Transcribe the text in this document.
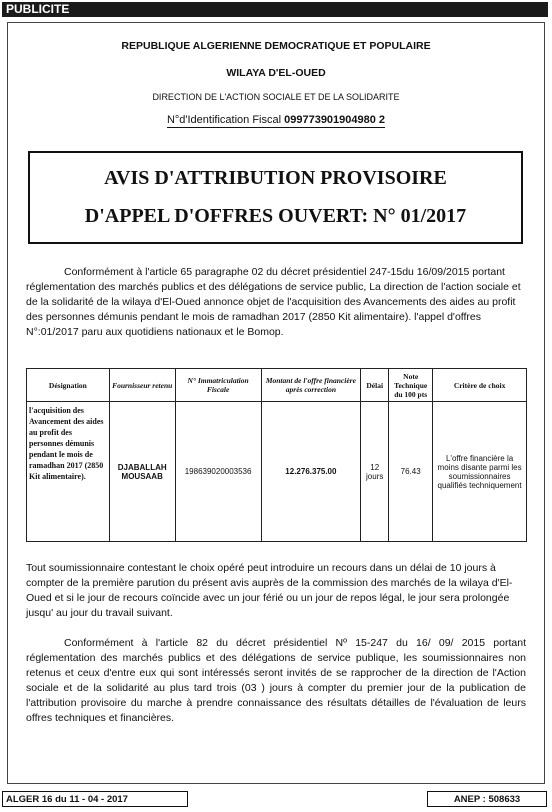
PUBLICITE
REPUBLIQUE ALGERIENNE DEMOCRATIQUE ET POPULAIRE
WILAYA D'EL-OUED
DIRECTION DE L'ACTION SOCIALE ET DE LA SOLIDARITE
N°d'Identification Fiscal 099773901904980 2
AVIS D'ATTRIBUTION PROVISOIRE
D'APPEL D'OFFRES OUVERT: N° 01/2017
Conformément à l'article 65 paragraphe 02 du décret présidentiel 247-15du 16/09/2015 portant réglementation des marchés publics et des délégations de service public, La direction de l'action sociale et de la solidarité de la wilaya d'El-Oued annonce objet de l'acquisition des Avancements des aides au profit des personnes démunis pendant le mois de ramadhan 2017 (2850 Kit alimentaire). l'appel d'offres N°:01/2017 paru aux quotidiens nationaux et le Bomop.
Désignation	Fournisseur retenu	N° Immatriculation Fiscale	Montant de l'offre financière après correction	Délai	Note Technique du 100 pts	Critère de choix
l'acquisition des Avancement des aides au profit des personnes démunis pendant le mois de ramadhan 2017 (2850 Kit alimentaire).	DJABALLAH MOUSAAB	198639020003536	12.276.375.00	12 jours	76.43	L'offre financière la moins disante parmi les soumissionnaires qualifiés techniquement
Tout soumissionnaire contestant le choix opéré peut introduire un recours dans un délai de 10 jours à compter de la première parution du présent avis auprès de la commission des marchés de la wilaya d'El-Oued et si le jour de recours coïncide avec un jour férié ou un jour de repos légal, le jour sera prolongée jusqu' au jour du travail suivant.
Conformément à l'article 82 du décret présidentiel Nº 15-247 du 16/ 09/ 2015 portant réglementation des marchés publics et des délégations de service publique, les soumissionnaires non retenus et ceux d'entre eux qui sont intéressés seront invités de se rapprocher de la direction de l'Action sociale et de la solidarité au plus tard trois (03 ) jours à compter du premier jour de la publication de l'attribution provisoire du marche à prendre connaissance des résultats détailles de l'évaluation de leurs offres techniques et financières.
ALGER 16 du 11 - 04 - 2017	ANEP : 508633
